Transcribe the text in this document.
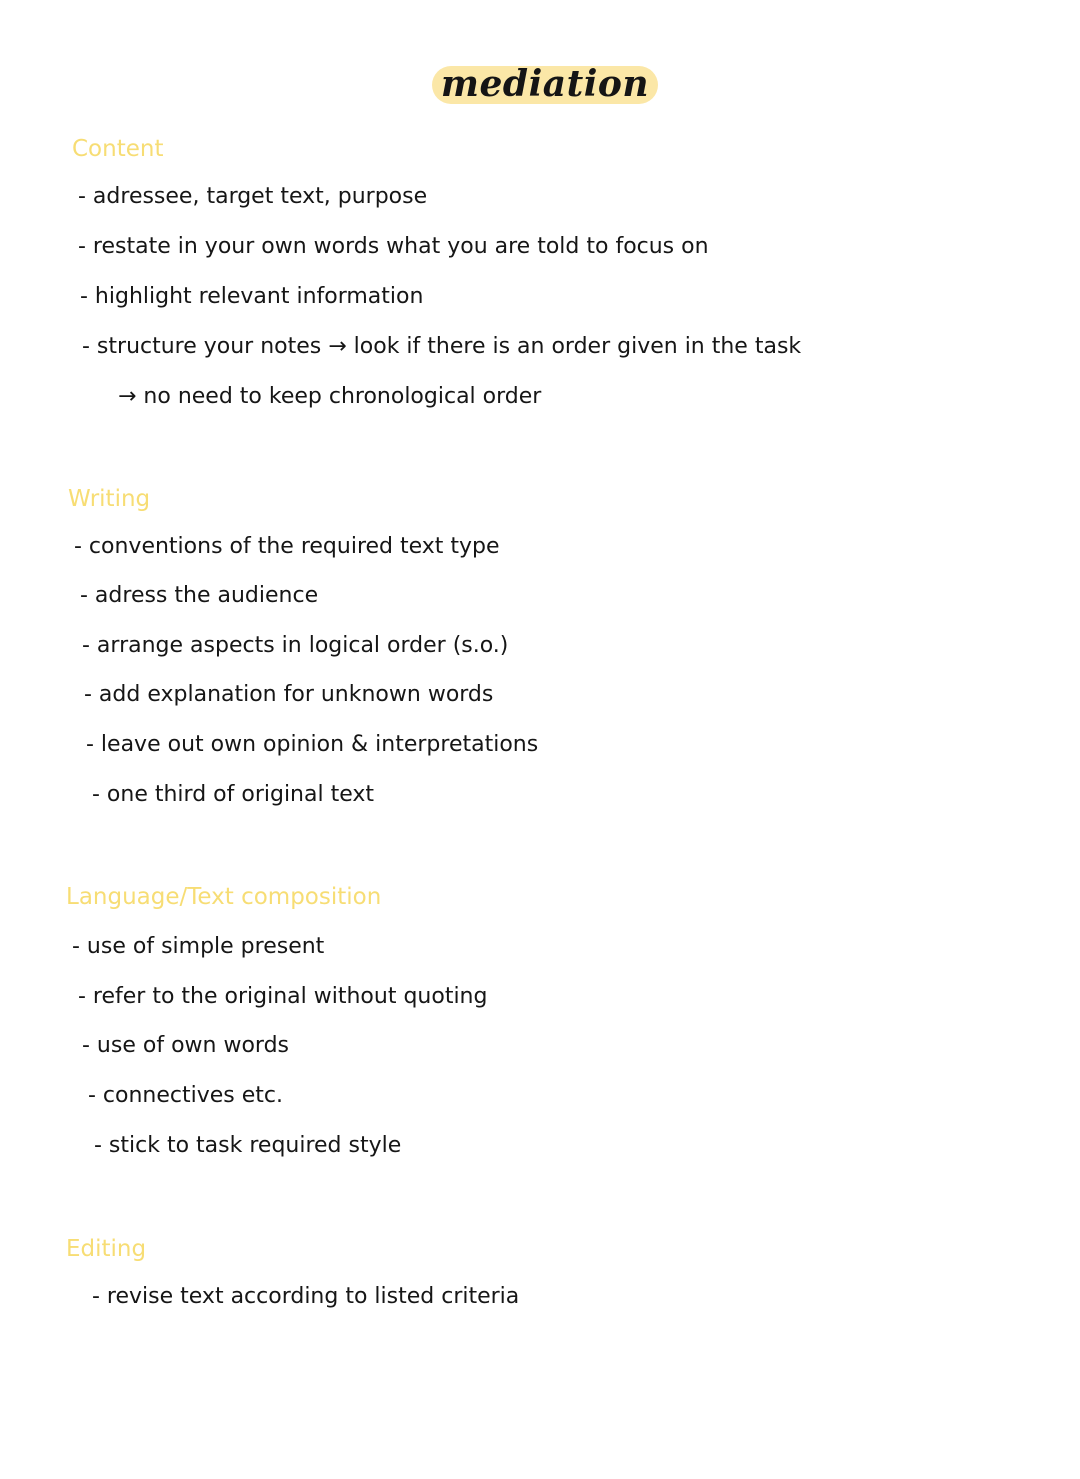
mediation
Content
- adressee, target text, purpose
- restate in your own words what you are told to focus on
- highlight relevant information
- structure your notes → look if there is an order given in the task
→ no need to keep chronological order
Writing
- conventions of the required text type
- adress the audience
- arrange aspects in logical order (s.o.)
- add explanation for unknown words
- leave out own opinion & interpretations
- one third of original text
Language/Text composition
- use of simple present
- refer to the original without quoting
- use of own words
- connectives etc.
- stick to task required style
Editing
- revise text according to listed criteria
